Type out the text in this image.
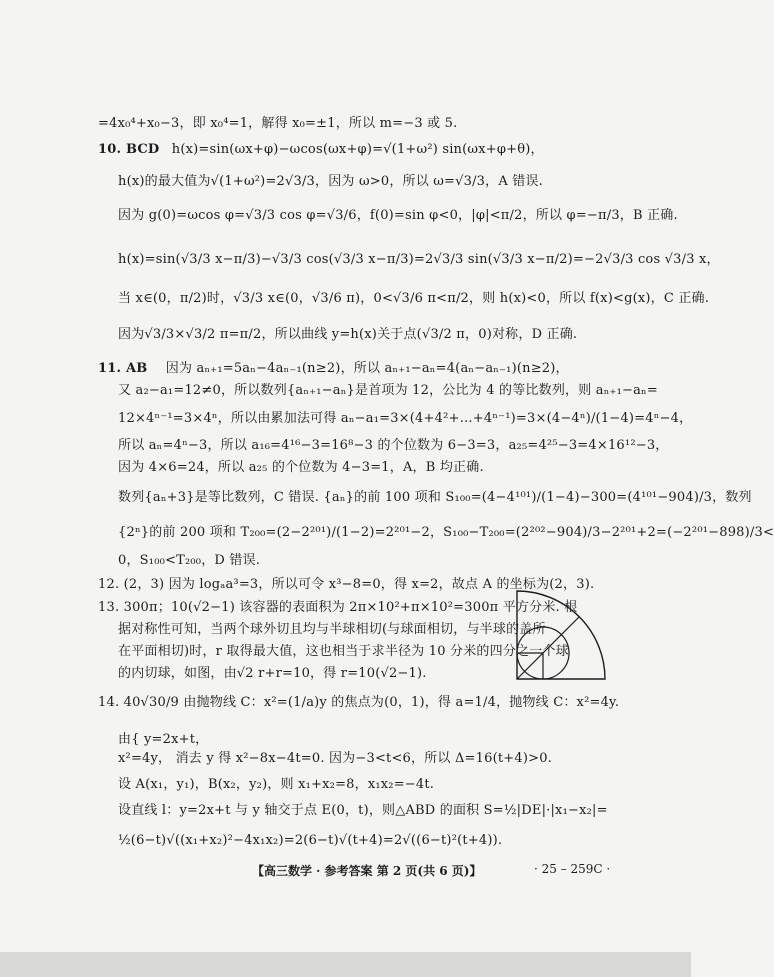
=4x₀⁴+x₀−3，即 x₀⁴=1，解得 x₀=±1，所以 m=−3 或 5.
10. BCD h(x)=sin(ωx+φ)−ωcos(ωx+φ)=√(1+ω²) sin(ωx+φ+θ)，
h(x)的最大值为√(1+ω²)=2√3/3，因为 ω>0，所以 ω=√3/3，A 错误.
因为 g(0)=ωcos φ=√3/3 cos φ=√3/6，f(0)=sin φ<0，|φ|<π/2，所以 φ=−π/3，B 正确.
h(x)=sin(√3/3 x−π/3)−√3/3 cos(√3/3 x−π/3)=2√3/3 sin(√3/3 x−π/2)=−2√3/3 cos √3/3 x，
当 x∈(0，π/2)时，√3/3 x∈(0，√3/6 π)，0<√3/6 π<π/2，则 h(x)<0，所以 f(x)<g(x)，C 正确.
因为√3/3×√3/2 π=π/2，所以曲线 y=h(x)关于点(√3/2 π，0)对称，D 正确.
11. AB 因为 aₙ₊₁=5aₙ−4aₙ₋₁(n≥2)，所以 aₙ₊₁−aₙ=4(aₙ−aₙ₋₁)(n≥2)，
又 a₂−a₁=12≠0，所以数列{aₙ₊₁−aₙ}是首项为 12，公比为 4 的等比数列，则 aₙ₊₁−aₙ=
12×4ⁿ⁻¹=3×4ⁿ，所以由累加法可得 aₙ−a₁=3×(4+4²+…+4ⁿ⁻¹)=3×(4−4ⁿ)/(1−4)=4ⁿ−4，
所以 aₙ=4ⁿ−3，所以 a₁₆=4¹⁶−3=16⁸−3 的个位数为 6−3=3，a₂₅=4²⁵−3=4×16¹²−3，
因为 4×6=24，所以 a₂₅ 的个位数为 4−3=1，A，B 均正确.
数列{aₙ+3}是等比数列，C 错误. {aₙ}的前 100 项和 S₁₀₀=(4−4¹⁰¹)/(1−4)−300=(4¹⁰¹−904)/3，数列
{2ⁿ}的前 200 项和 T₂₀₀=(2−2²⁰¹)/(1−2)=2²⁰¹−2，S₁₀₀−T₂₀₀=(2²⁰²−904)/3−2²⁰¹+2=(−2²⁰¹−898)/3<
0，S₁₀₀<T₂₀₀，D 错误.
12. (2，3) 因为 logₐa³=3，所以可令 x³−8=0，得 x=2，故点 A 的坐标为(2，3).
13. 300π；10(√2−1) 该容器的表面积为 2π×10²+π×10²=300π 平方分米. 根
据对称性可知，当两个球外切且均与半球相切(与球面相切，与半球的盖所
在平面相切)时，r 取得最大值，这也相当于求半径为 10 分米的四分之一个球
的内切球，如图，由√2 r+r=10，得 r=10(√2−1).
14. 40√30/9 由抛物线 C：x²=(1/a)y 的焦点为(0，1)，得 a=1/4，抛物线 C：x²=4y.
由{ y=2x+t，
x²=4y， 消去 y 得 x²−8x−4t=0. 因为−3<t<6，所以 Δ=16(t+4)>0.
设 A(x₁，y₁)，B(x₂，y₂)，则 x₁+x₂=8，x₁x₂=−4t.
设直线 l：y=2x+t 与 y 轴交于点 E(0，t)，则△ABD 的面积 S=½|DE|·|x₁−x₂|=
½(6−t)√((x₁+x₂)²−4x₁x₂)=2(6−t)√(t+4)=2√((6−t)²(t+4)).
【高三数学 · 参考答案 第 2 页(共 6 页)】	· 25 – 259C ·
